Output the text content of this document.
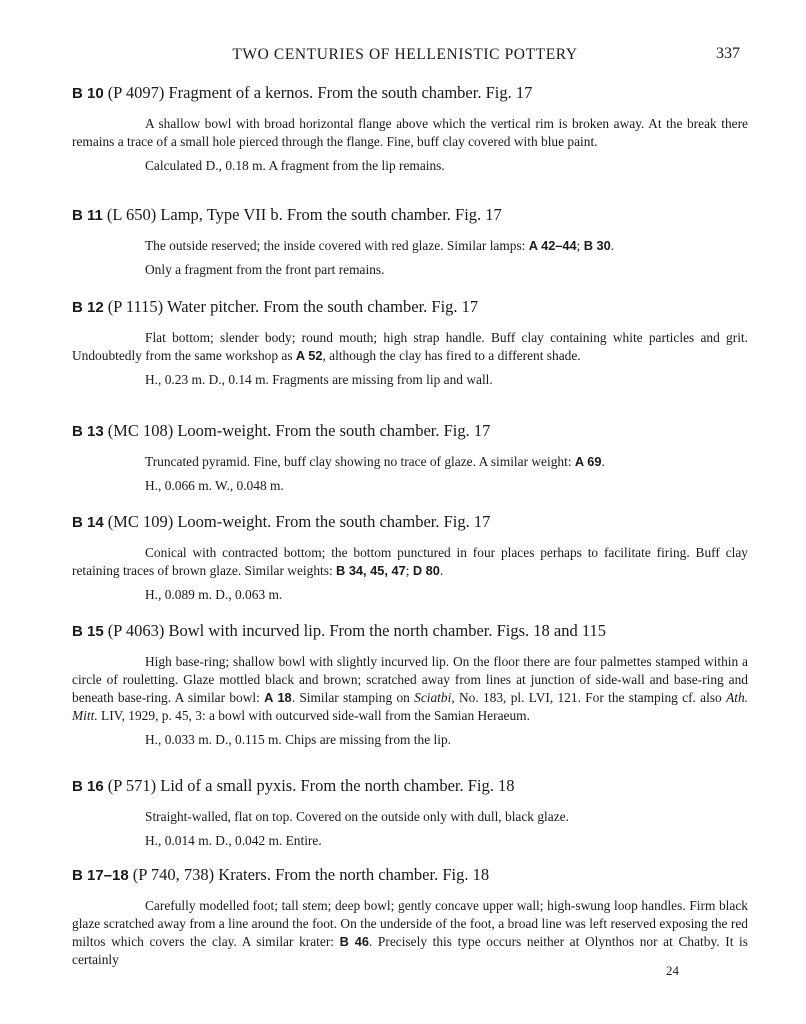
TWO CENTURIES OF HELLENISTIC POTTERY	337
B 10 (P 4097) Fragment of a kernos. From the south chamber. Fig. 17

A shallow bowl with broad horizontal flange above which the vertical rim is broken away. At the break there remains a trace of a small hole pierced through the flange. Fine, buff clay covered with blue paint.

Calculated D., 0.18 m. A fragment from the lip remains.
B 11 (L 650) Lamp, Type VII b. From the south chamber. Fig. 17

The outside reserved; the inside covered with red glaze. Similar lamps: A 42–44; B 30.

Only a fragment from the front part remains.
B 12 (P 1115) Water pitcher. From the south chamber. Fig. 17

Flat bottom; slender body; round mouth; high strap handle. Buff clay containing white particles and grit. Undoubtedly from the same workshop as A 52, although the clay has fired to a different shade.

H., 0.23 m. D., 0.14 m. Fragments are missing from lip and wall.
B 13 (MC 108) Loom-weight. From the south chamber. Fig. 17

Truncated pyramid. Fine, buff clay showing no trace of glaze. A similar weight: A 69.

H., 0.066 m. W., 0.048 m.
B 14 (MC 109) Loom-weight. From the south chamber. Fig. 17

Conical with contracted bottom; the bottom punctured in four places perhaps to facilitate firing. Buff clay retaining traces of brown glaze. Similar weights: B 34, 45, 47; D 80.

H., 0.089 m. D., 0.063 m.
B 15 (P 4063) Bowl with incurved lip. From the north chamber. Figs. 18 and 115

High base-ring; shallow bowl with slightly incurved lip. On the floor there are four palmettes stamped within a circle of rouletting. Glaze mottled black and brown; scratched away from lines at junction of side-wall and base-ring and beneath base-ring. A similar bowl: A 18. Similar stamping on Sciatbi, No. 183, pl. LVI, 121. For the stamping cf. also Ath. Mitt. LIV, 1929, p. 45, 3: a bowl with outcurved side-wall from the Samian Heraeum.

H., 0.033 m. D., 0.115 m. Chips are missing from the lip.
B 16 (P 571) Lid of a small pyxis. From the north chamber. Fig. 18

Straight-walled, flat on top. Covered on the outside only with dull, black glaze.

H., 0.014 m. D., 0.042 m. Entire.
B 17–18 (P 740, 738) Kraters. From the north chamber. Fig. 18

Carefully modelled foot; tall stem; deep bowl; gently concave upper wall; high-swung loop handles. Firm black glaze scratched away from a line around the foot. On the underside of the foot, a broad line was left reserved exposing the red miltos which covers the clay. A similar krater: B 46. Precisely this type occurs neither at Olynthos nor at Chatby. It is certainly

24
